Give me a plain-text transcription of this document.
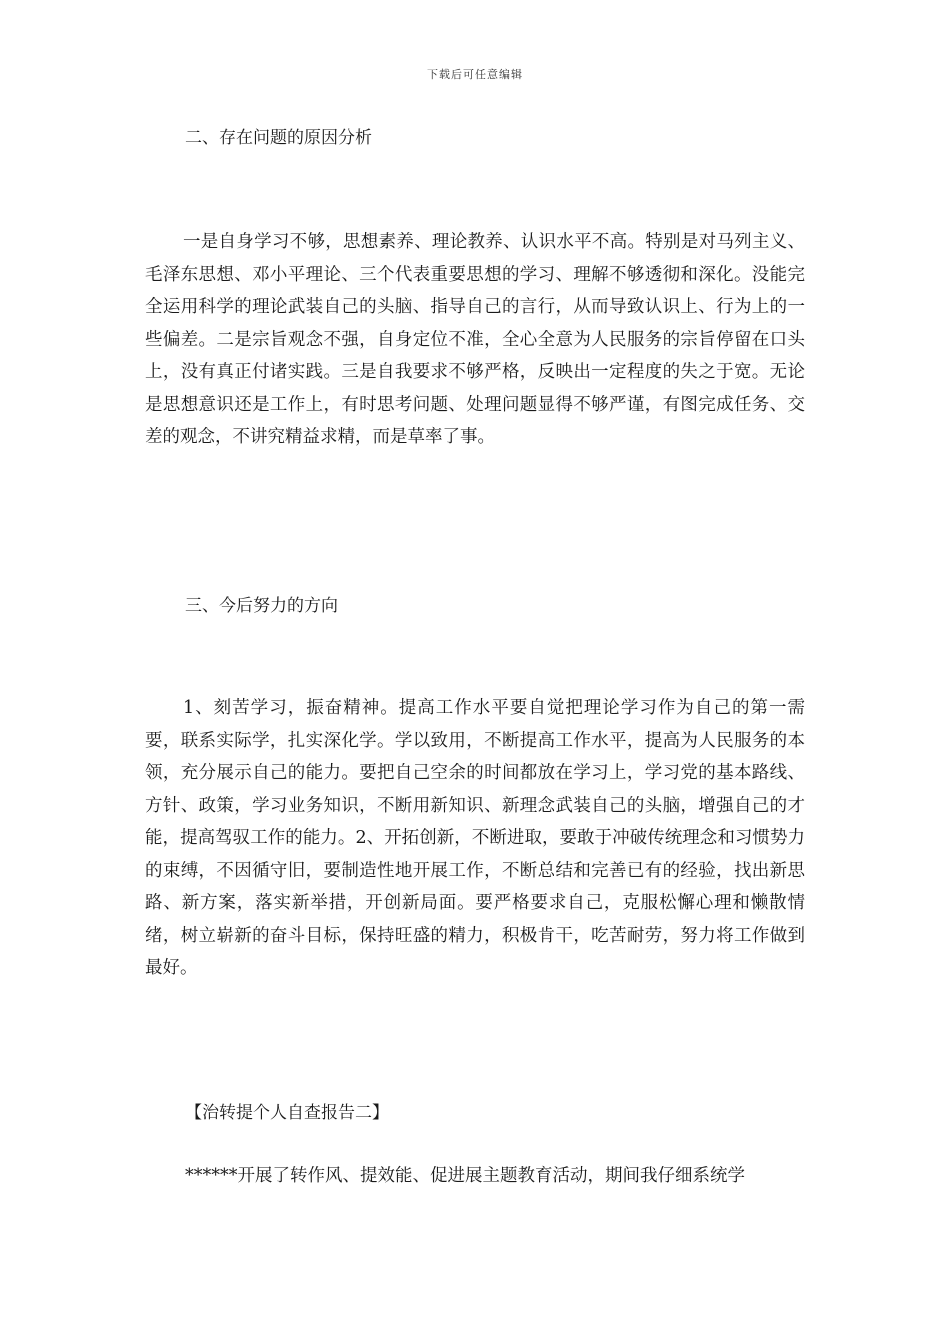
下载后可任意编辑
二、存在问题的原因分析
一是自身学习不够，思想素养、理论教养、认识水平不高。特别是对马列主义、毛泽东思想、邓小平理论、三个代表重要思想的学习、理解不够透彻和深化。没能完全运用科学的理论武装自己的头脑、指导自己的言行，从而导致认识上、行为上的一些偏差。二是宗旨观念不强，自身定位不准，全心全意为人民服务的宗旨停留在口头上，没有真正付诸实践。三是自我要求不够严格，反映出一定程度的失之于宽。无论是思想意识还是工作上，有时思考问题、处理问题显得不够严谨，有图完成任务、交差的观念，不讲究精益求精，而是草率了事。
三、今后努力的方向
1、刻苦学习，振奋精神。提高工作水平要自觉把理论学习作为自己的第一需要，联系实际学，扎实深化学。学以致用，不断提高工作水平，提高为人民服务的本领，充分展示自己的能力。要把自己空余的时间都放在学习上，学习党的基本路线、方针、政策，学习业务知识，不断用新知识、新理念武装自己的头脑，增强自己的才能，提高驾驭工作的能力。2、开拓创新，不断进取，要敢于冲破传统理念和习惯势力的束缚，不因循守旧，要制造性地开展工作，不断总结和完善已有的经验，找出新思路、新方案，落实新举措，开创新局面。要严格要求自己，克服松懈心理和懒散情绪，树立崭新的奋斗目标，保持旺盛的精力，积极肯干，吃苦耐劳，努力将工作做到最好。
【治转提个人自查报告二】
******开展了转作风、提效能、促进展主题教育活动，期间我仔细系统学
